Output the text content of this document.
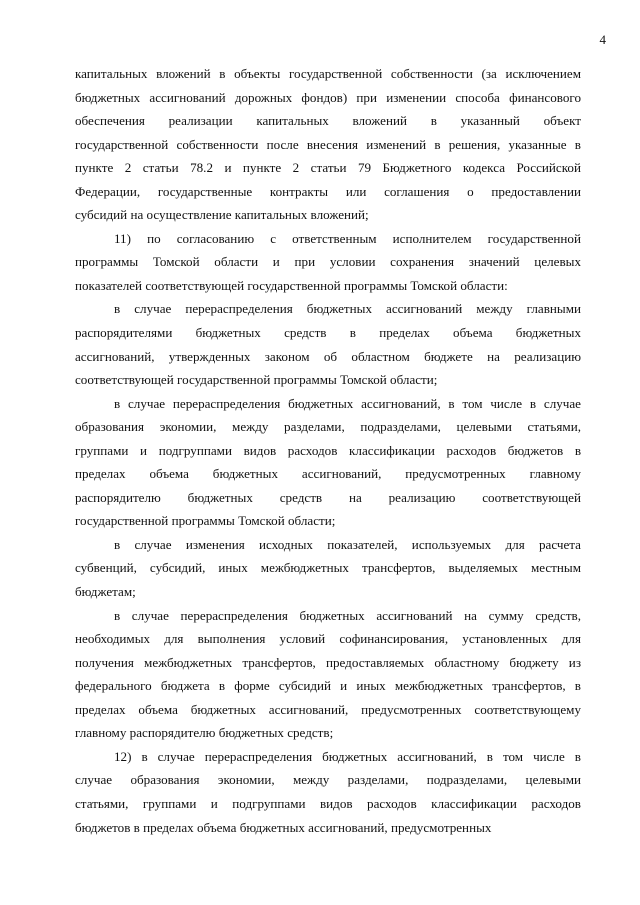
4
капитальных вложений в объекты государственной собственности (за исключением
бюджетных ассигнований дорожных фондов) при изменении способа финансового
обеспечения реализации капитальных вложений в указанный объект
государственной собственности после внесения изменений в решения, указанные в
пункте 2 статьи 78.2 и пункте 2 статьи 79 Бюджетного кодекса Российской
Федерации, государственные контракты или соглашения о предоставлении
субсидий на осуществление капитальных вложений;
11) по согласованию с ответственным исполнителем государственной
программы Томской области и при условии сохранения значений целевых
показателей соответствующей государственной программы Томской области:
в случае перераспределения бюджетных ассигнований между главными
распорядителями бюджетных средств в пределах объема бюджетных
ассигнований, утвержденных законом об областном бюджете на реализацию
соответствующей государственной программы Томской области;
в случае перераспределения бюджетных ассигнований, в том числе в случае
образования экономии, между разделами, подразделами, целевыми статьями,
группами и подгруппами видов расходов классификации расходов бюджетов в
пределах объема бюджетных ассигнований, предусмотренных главному
распорядителю бюджетных средств на реализацию соответствующей
государственной программы Томской области;
в случае изменения исходных показателей, используемых для расчета
субвенций, субсидий, иных межбюджетных трансфертов, выделяемых местным
бюджетам;
в случае перераспределения бюджетных ассигнований на сумму средств,
необходимых для выполнения условий софинансирования, установленных для
получения межбюджетных трансфертов, предоставляемых областному бюджету из
федерального бюджета в форме субсидий и иных межбюджетных трансфертов, в
пределах объема бюджетных ассигнований, предусмотренных соответствующему
главному распорядителю бюджетных средств;
12) в случае перераспределения бюджетных ассигнований, в том числе в
случае образования экономии, между разделами, подразделами, целевыми
статьями, группами и подгруппами видов расходов классификации расходов
бюджетов в пределах объема бюджетных ассигнований, предусмотренных
